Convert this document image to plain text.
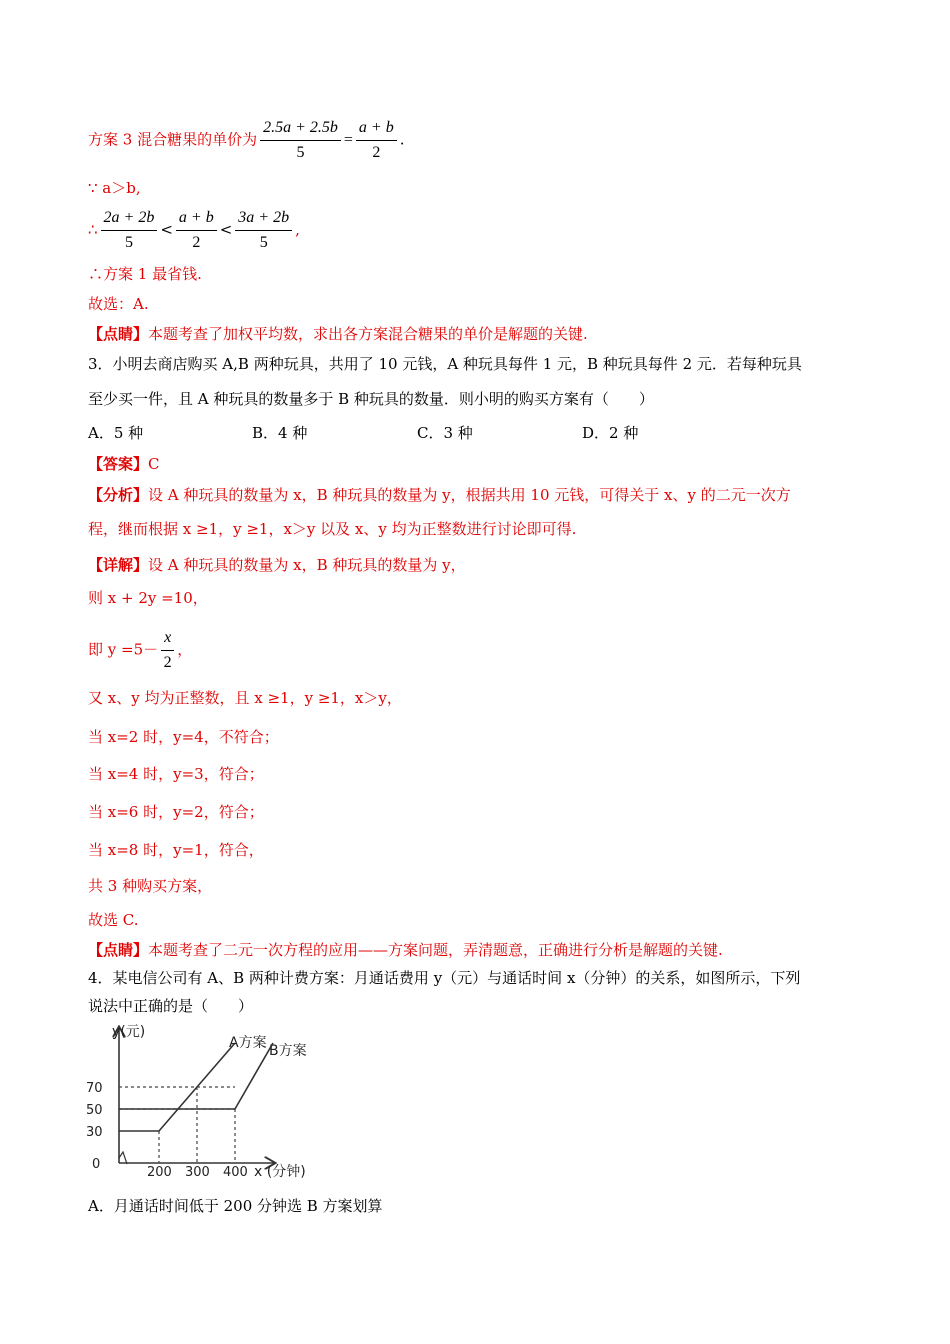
方案 3 混合糖果的单价为 $\frac{2.5a + 2.5b}{5} = \frac{a + b}{2}$ .
∵ a＞b,
∴ $\frac{2a + 2b}{5} < \frac{a + b}{2} < \frac{3a + 2b}{5}$ ,
∴方案 1 最省钱.
故选：A.
【点睛】本题考查了加权平均数，求出各方案混合糖果的单价是解题的关键.
3．小明去商店购买 A,B 两种玩具，共用了 10 元钱，A 种玩具每件 1 元，B 种玩具每件 2 元．若每种玩具
至少买一件，且 A 种玩具的数量多于 B 种玩具的数量．则小明的购买方案有（　　）
A．5 种	B．4 种	C．3 种	D．2 种
【答案】C
【分析】设 A 种玩具的数量为 x，B 种玩具的数量为 y，根据共用 10 元钱，可得关于 x、y 的二元一次方
程，继而根据 x ≥1，y ≥1，x＞y 以及 x、y 均为正整数进行讨论即可得.
【详解】设 A 种玩具的数量为 x，B 种玩具的数量为 y，
则 x + 2y =10，
即 $y =5- \frac{x}{2}$ ，
又 x、y 均为正整数，且 x ≥1，y ≥1，x＞y，
当 x=2 时，y=4，不符合；
当 x=4 时，y=3，符合；
当 x=6 时，y=2，符合；
当 x=8 时，y=1，符合，
共 3 种购买方案，
故选 C.
【点睛】本题考查了二元一次方程的应用——方案问题，弄清题意，正确进行分析是解题的关键.
4．某电信公司有 A、B 两种计费方案：月通话费用 y（元）与通话时间 x（分钟）的关系，如图所示，下列
说法中正确的是（　　）
y(元)
x (分钟)
0
30
50
70
200 300 400
A方案 B方案
A．月通话时间低于 200 分钟选 B 方案划算
